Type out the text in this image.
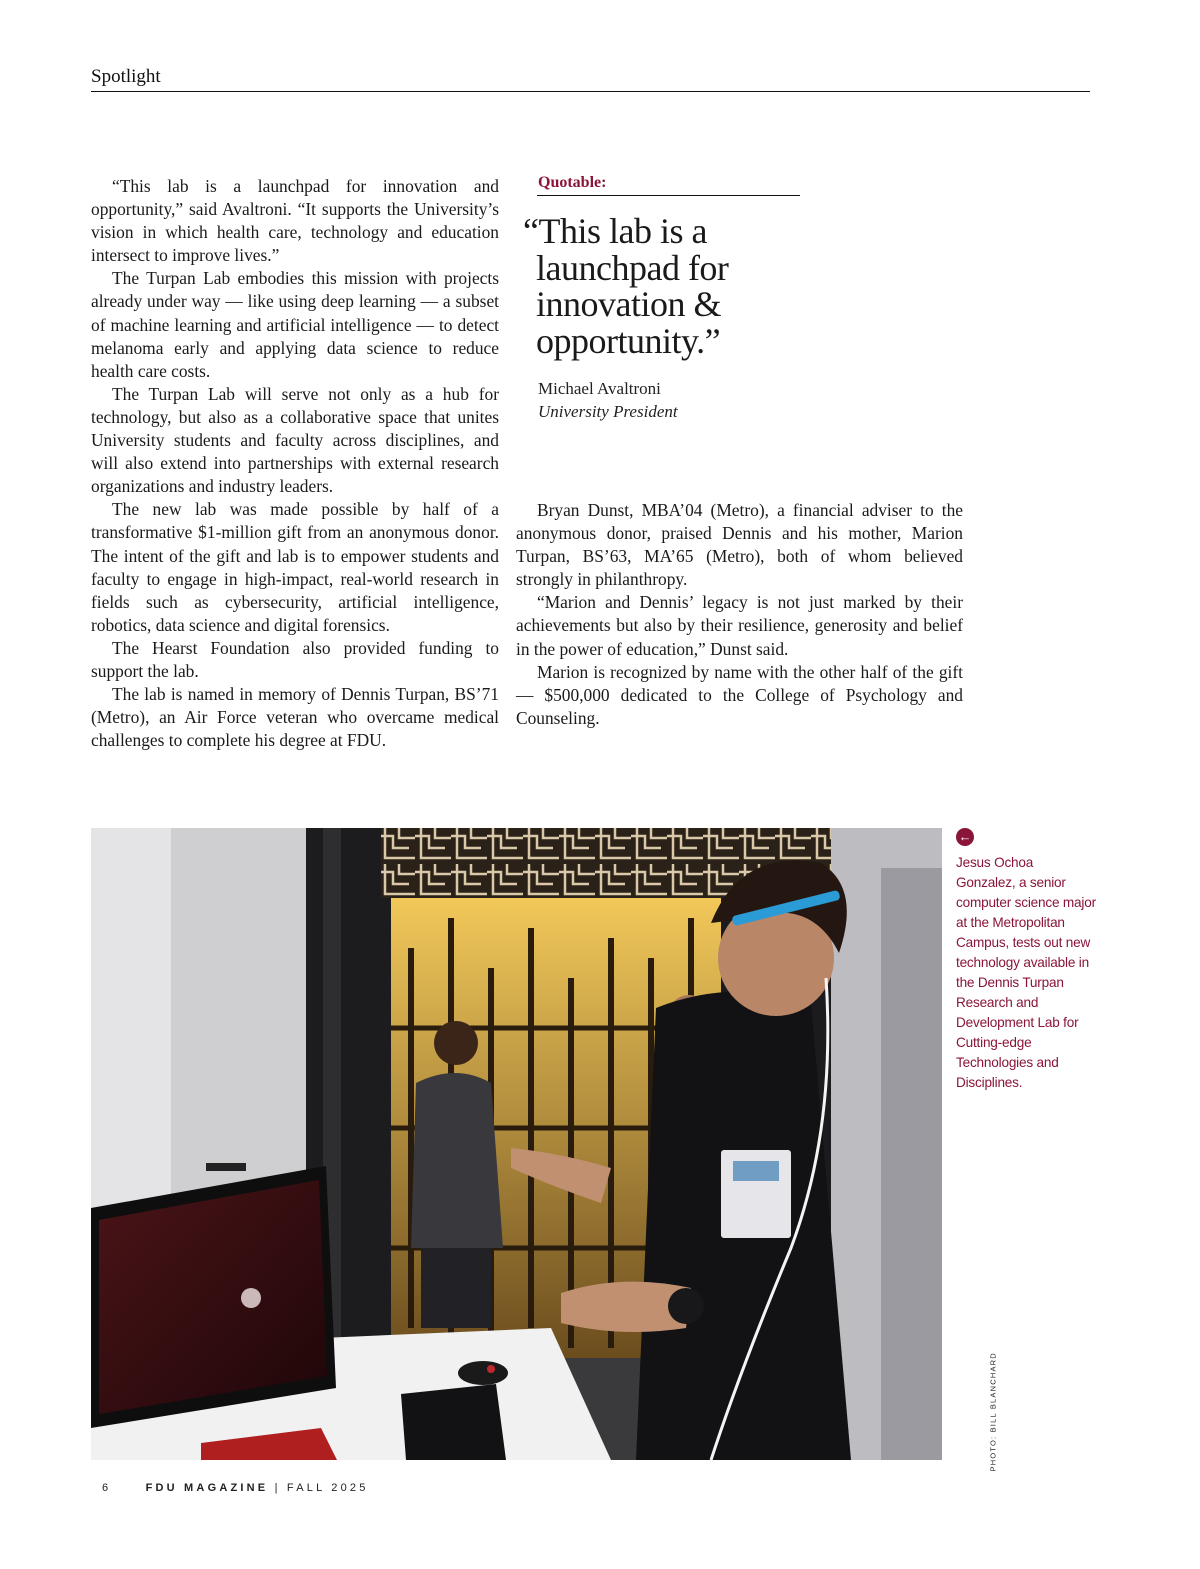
Spotlight

“This lab is a launchpad for innovation and opportunity,” said Avaltroni. “It supports the University’s vision in which health care, technology and education intersect to improve lives.”

The Turpan Lab embodies this mission with projects already under way — like using deep learning — a subset of machine learning and artificial intelligence — to detect melanoma early and applying data science to reduce health care costs.

The Turpan Lab will serve not only as a hub for technology, but also as a collaborative space that unites University students and faculty across disciplines, and will also extend into partnerships with external research organizations and industry leaders.

The new lab was made possible by half of a transformative $1-million gift from an anonymous donor. The intent of the gift and lab is to empower students and faculty to engage in high-impact, real-world research in fields such as cybersecurity, artificial intelligence, robotics, data science and digital forensics.

The Hearst Foundation also provided funding to support the lab.

The lab is named in memory of Dennis Turpan, BS’71 (Metro), an Air Force veteran who overcame medical challenges to complete his degree at FDU.

Quotable:
“This lab is a launchpad for innovation & opportunity.”
Michael Avaltroni
University President

Bryan Dunst, MBA’04 (Metro), a financial adviser to the anonymous donor, praised Dennis and his mother, Marion Turpan, BS’63, MA’65 (Metro), both of whom believed strongly in philanthropy.

“Marion and Dennis’ legacy is not just marked by their achievements but also by their resilience, generosity and belief in the power of education,” Dunst said.

Marion is recognized by name with the other half of the gift — $500,000 dedicated to the College of Psychology and Counseling.

←
Jesus Ochoa Gonzalez, a senior computer science major at the Metropolitan Campus, tests out new technology available in the Dennis Turpan Research and Development Lab for Cutting-edge Technologies and Disciplines.
PHOTO: BILL BLANCHARD
6	FDU MAGAZINE | FALL 2025
